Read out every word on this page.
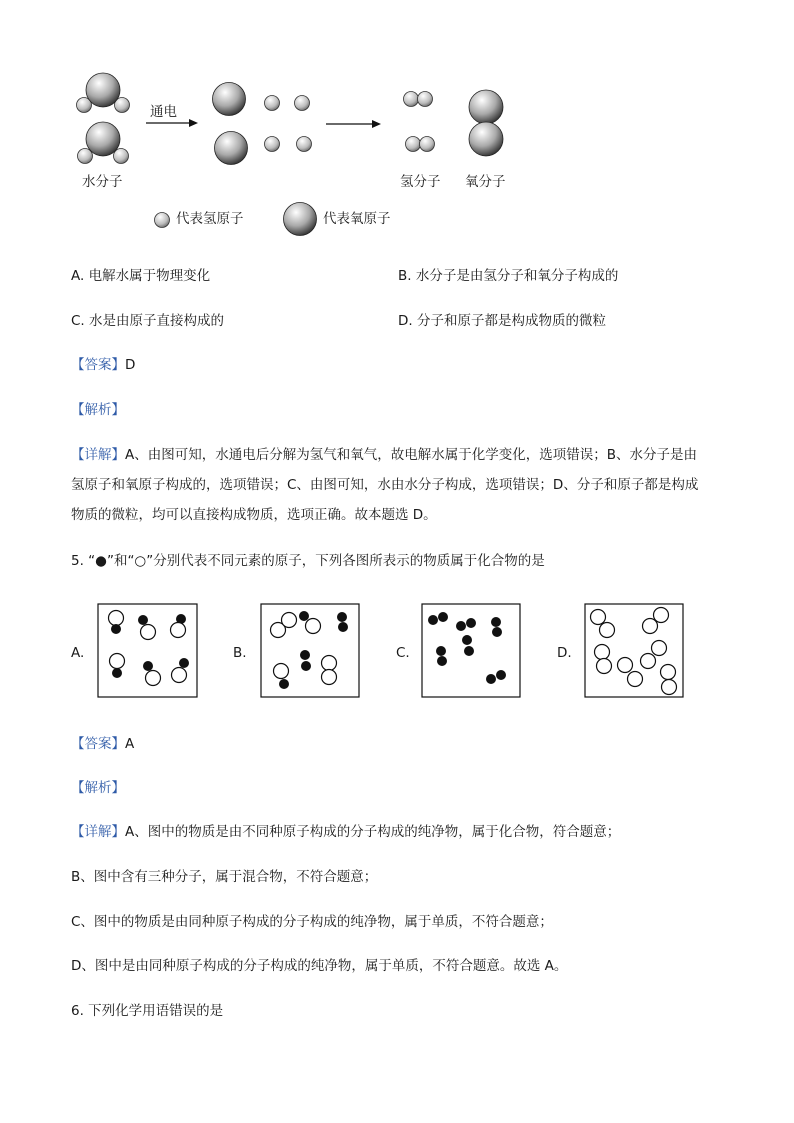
通电
水分子	氢分子 氧分子
代表氢原子	代表氧原子
A. 电解水属于物理变化	B. 水分子是由氢分子和氧分子构成的
C. 水是由原子直接构成的	D. 分子和原子都是构成物质的微粒
【答案】D
【解析】
【详解】A、由图可知，水通电后分解为氢气和氧气，故电解水属于化学变化，选项错误；B、水分子是由
氢原子和氧原子构成的，选项错误；C、由图可知，水由水分子构成，选项错误；D、分子和原子都是构成
物质的微粒，均可以直接构成物质，选项正确。故本题选 D。
5. “●”和“○”分别代表不同元素的原子，下列各图所表示的物质属于化合物的是
A.	B.	C.	D.
【答案】A
【解析】
【详解】A、图中的物质是由不同种原子构成的分子构成的纯净物，属于化合物，符合题意；
B、图中含有三种分子，属于混合物，不符合题意；
C、图中的物质是由同种原子构成的分子构成的纯净物，属于单质，不符合题意；
D、图中是由同种原子构成的分子构成的纯净物，属于单质，不符合题意。故选 A。
6. 下列化学用语错误的是
